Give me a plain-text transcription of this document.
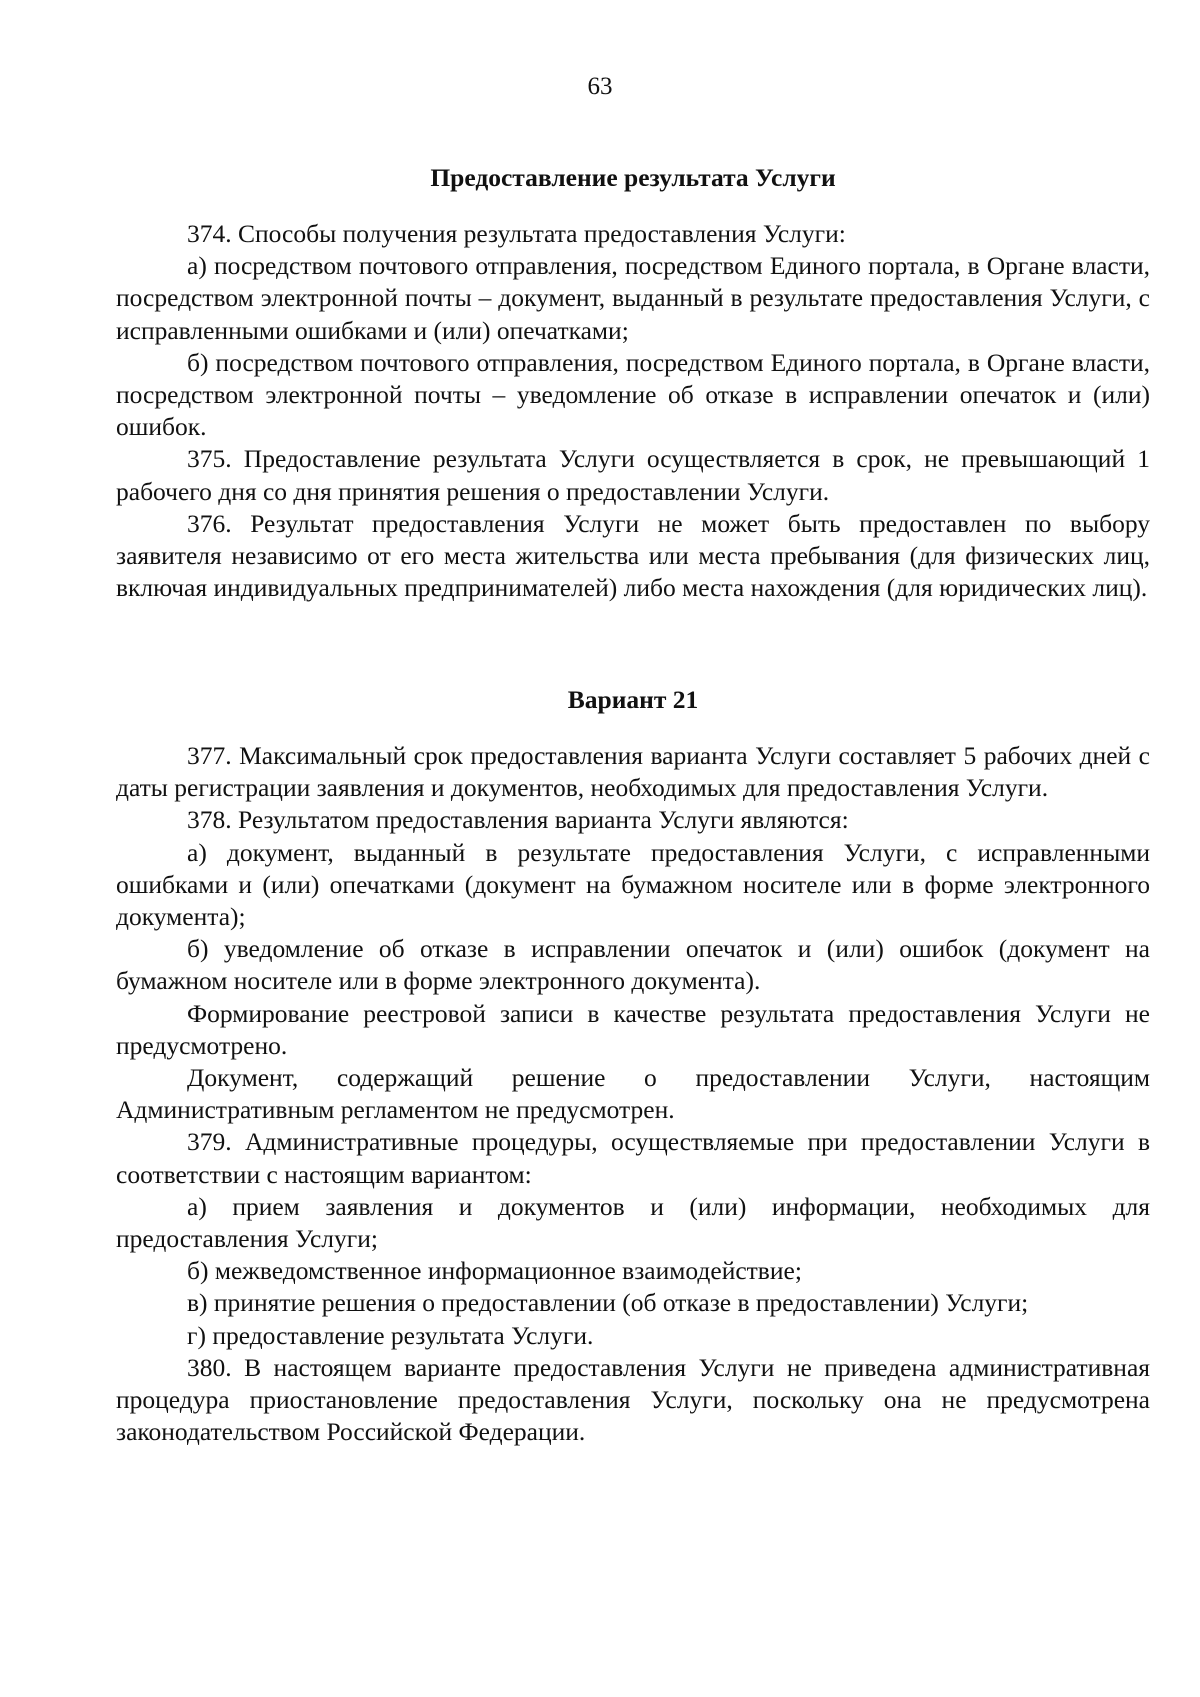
63
Предоставление результата Услуги

374. Способы получения результата предоставления Услуги:

а) посредством почтового отправления, посредством Единого портала, в Органе власти, посредством электронной почты – документ, выданный в результате предоставления Услуги, с исправленными ошибками и (или) опечатками;

б) посредством почтового отправления, посредством Единого портала, в Органе власти, посредством электронной почты – уведомление об отказе в исправлении опечаток и (или) ошибок.

375. Предоставление результата Услуги осуществляется в срок, не превышающий 1 рабочего дня со дня принятия решения о предоставлении Услуги.

376. Результат предоставления Услуги не может быть предоставлен по выбору заявителя независимо от его места жительства или места пребывания (для физических лиц, включая индивидуальных предпринимателей) либо места нахождения (для юридических лиц).

Вариант 21

377. Максимальный срок предоставления варианта Услуги составляет 5 рабочих дней с даты регистрации заявления и документов, необходимых для предоставления Услуги.

378. Результатом предоставления варианта Услуги являются:

а) документ, выданный в результате предоставления Услуги, с исправленными ошибками и (или) опечатками (документ на бумажном носителе или в форме электронного документа);

б) уведомление об отказе в исправлении опечаток и (или) ошибок (документ на бумажном носителе или в форме электронного документа).

Формирование реестровой записи в качестве результата предоставления Услуги не предусмотрено.

Документ, содержащий решение о предоставлении Услуги, настоящим Административным регламентом не предусмотрен.

379. Административные процедуры, осуществляемые при предоставлении Услуги в соответствии с настоящим вариантом:

а) прием заявления и документов и (или) информации, необходимых для предоставления Услуги;

б) межведомственное информационное взаимодействие;

в) принятие решения о предоставлении (об отказе в предоставлении) Услуги;

г) предоставление результата Услуги.

380. В настоящем варианте предоставления Услуги не приведена административная процедура приостановление предоставления Услуги, поскольку она не предусмотрена законодательством Российской Федерации.
